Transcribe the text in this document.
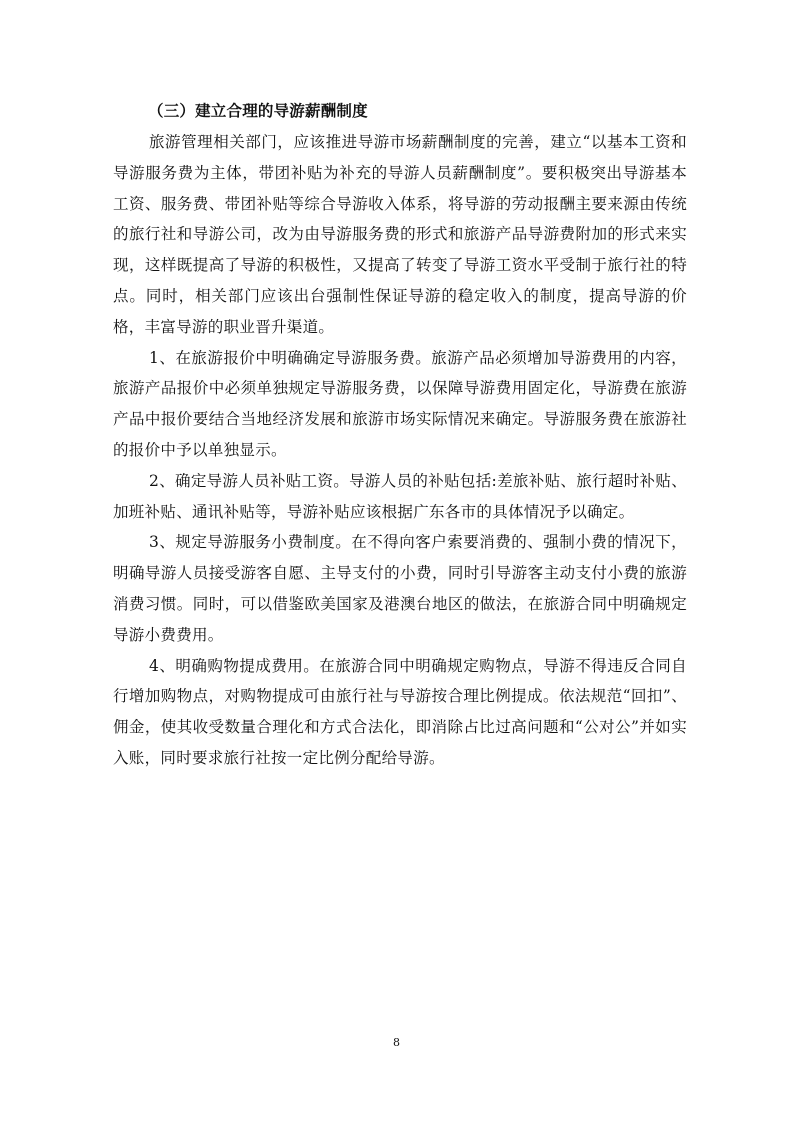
（三）建立合理的导游薪酬制度

旅游管理相关部门，应该推进导游市场薪酬制度的完善，建立“以基本工资和导游服务费为主体，带团补贴为补充的导游人员薪酬制度”。要积极突出导游基本工资、服务费、带团补贴等综合导游收入体系，将导游的劳动报酬主要来源由传统的旅行社和导游公司，改为由导游服务费的形式和旅游产品导游费附加的形式来实现，这样既提高了导游的积极性，又提高了转变了导游工资水平受制于旅行社的特点。同时，相关部门应该出台强制性保证导游的稳定收入的制度，提高导游的价格，丰富导游的职业晋升渠道。

1、在旅游报价中明确确定导游服务费。旅游产品必须增加导游费用的内容，旅游产品报价中必须单独规定导游服务费，以保障导游费用固定化，导游费在旅游产品中报价要结合当地经济发展和旅游市场实际情况来确定。导游服务费在旅游社的报价中予以单独显示。

2、确定导游人员补贴工资。导游人员的补贴包括:差旅补贴、旅行超时补贴、加班补贴、通讯补贴等，导游补贴应该根据广东各市的具体情况予以确定。

3、规定导游服务小费制度。在不得向客户索要消费的、强制小费的情况下，明确导游人员接受游客自愿、主导支付的小费，同时引导游客主动支付小费的旅游消费习惯。同时，可以借鉴欧美国家及港澳台地区的做法，在旅游合同中明确规定导游小费费用。

4、明确购物提成费用。在旅游合同中明确规定购物点，导游不得违反合同自行增加购物点，对购物提成可由旅行社与导游按合理比例提成。依法规范“回扣”、佣金，使其收受数量合理化和方式合法化，即消除占比过高问题和“公对公”并如实入账，同时要求旅行社按一定比例分配给导游。

8
